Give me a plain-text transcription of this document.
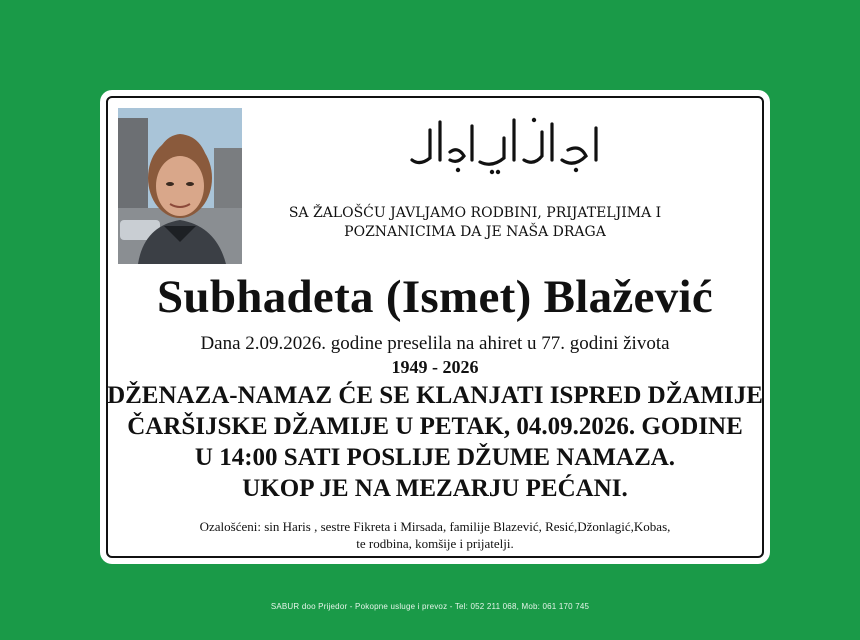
SA ŽALOŠĆU JAVLJAMO RODBINI, PRIJATELJIMA I
POZNANICIMA DA JE NAŠA DRAGA
Subhadeta (Ismet) Blažević
Dana 2.09.2026. godine preselila na ahiret u 77. godini života
1949 - 2026
DŽENAZA-NAMAZ ĆE SE KLANJATI ISPRED DŽAMIJE
ČARŠIJSKE DŽAMIJE U PETAK, 04.09.2026. GODINE
U 14:00 SATI POSLIJE DŽUME NAMAZA.
UKOP JE NA MEZARJU PEĆANI.
Ozalošćeni: sin Haris , sestre Fikreta i Mirsada, familije Blazević, Resić,Džonlagić,Kobas,
te rodbina, komšije i prijatelji.
SABUR doo Prijedor - Pokopne usluge i prevoz - Tel: 052 211 068, Mob: 061 170 745
